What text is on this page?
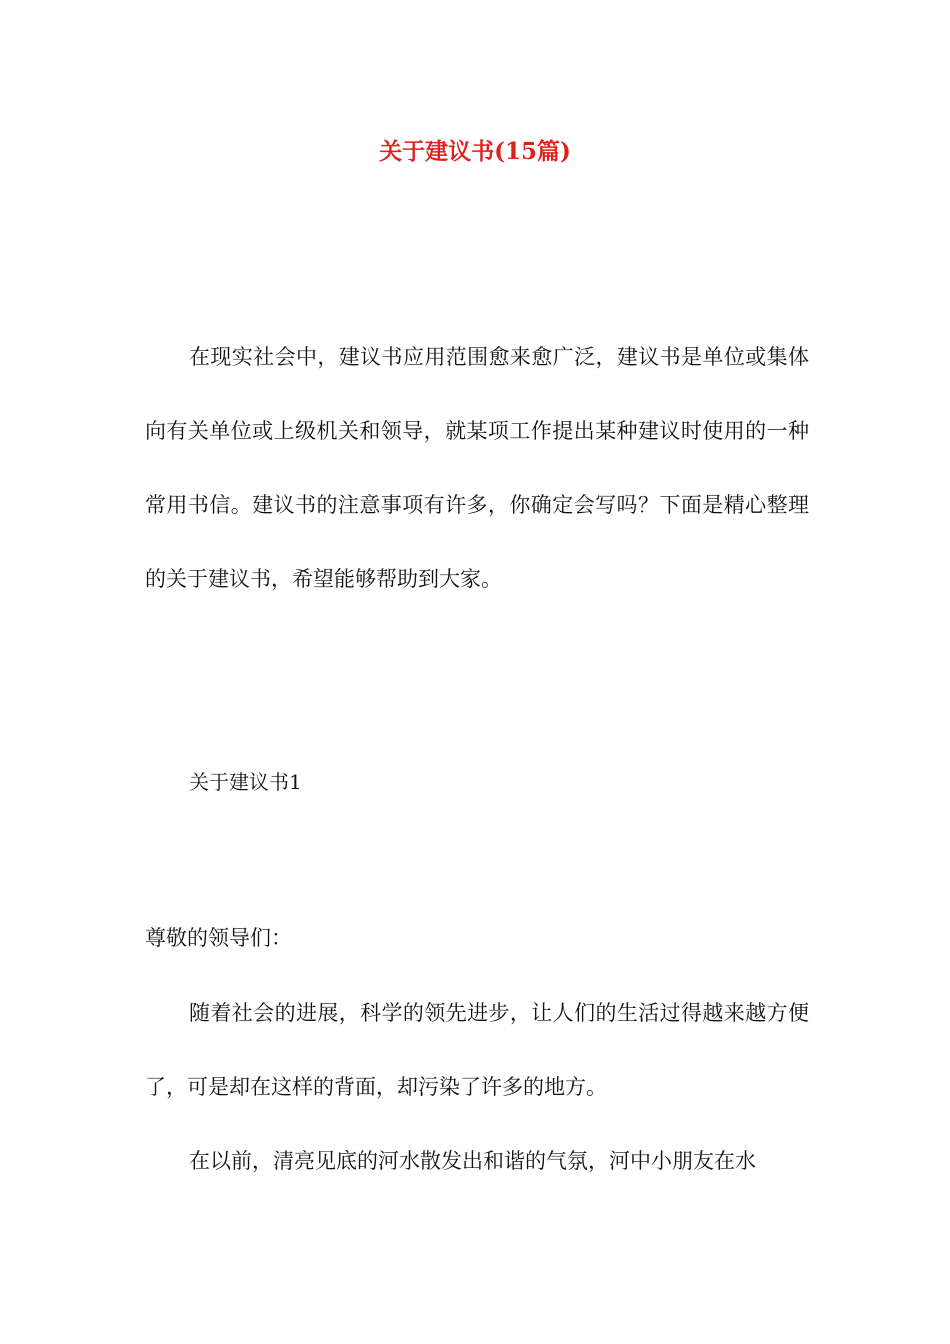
关于建议书(15篇)

在现实社会中，建议书应用范围愈来愈广泛，建议书是单位或集体向有关单位或上级机关和领导，就某项工作提出某种建议时使用的一种常用书信。建议书的注意事项有许多，你确定会写吗？下面是精心整理的关于建议书，希望能够帮助到大家。

关于建议书1

尊敬的领导们：

随着社会的进展，科学的领先进步，让人们的生活过得越来越方便了，可是却在这样的背面，却污染了许多的地方。

在以前，清亮见底的河水散发出和谐的气氛，河中小朋友在水
